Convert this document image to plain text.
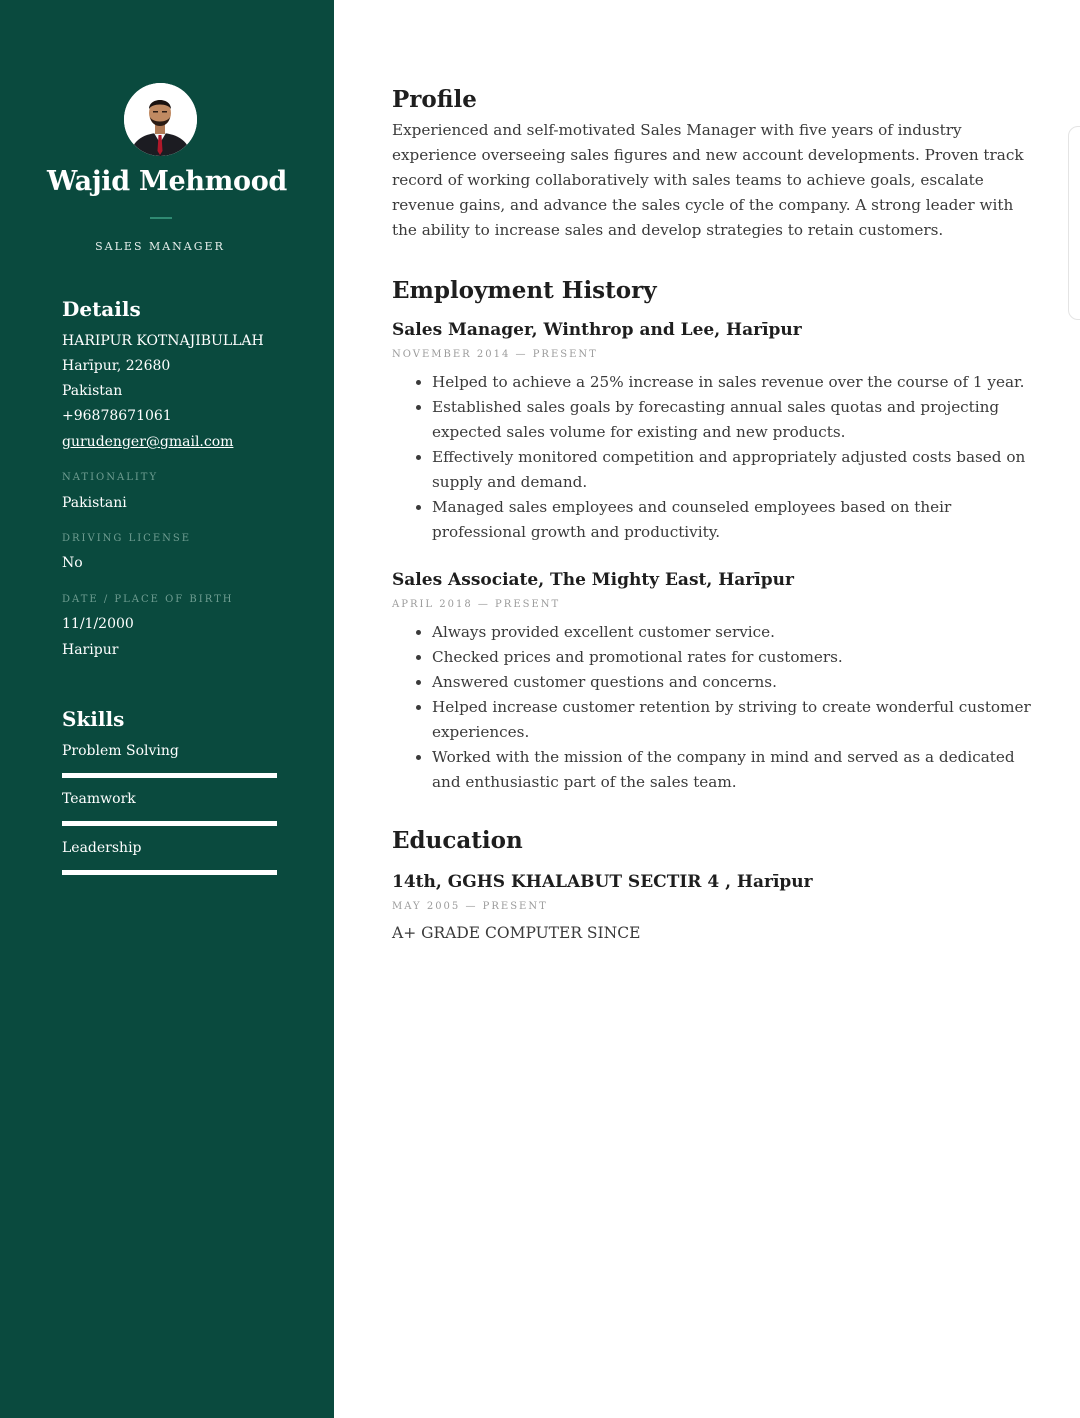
Wajid Mehmood
SALES MANAGER
Details
HARIPUR KOTNAJIBULLAH
Harīpur, 22680
Pakistan
+96878671061
gurudenger@gmail.com
NATIONALITY
Pakistani
DRIVING LICENSE
No
DATE / PLACE OF BIRTH
11/1/2000
Haripur
Skills
Problem Solving
Teamwork
Leadership
Profile
Experienced and self-motivated Sales Manager with five years of industry experience overseeing sales figures and new account developments. Proven track record of working collaboratively with sales teams to achieve goals, escalate revenue gains, and advance the sales cycle of the company. A strong leader with the ability to increase sales and develop strategies to retain customers.
Employment History
Sales Manager, Winthrop and Lee, Harīpur
NOVEMBER 2014 — PRESENT
• Helped to achieve a 25% increase in sales revenue over the course of 1 year.
• Established sales goals by forecasting annual sales quotas and projecting expected sales volume for existing and new products.
• Effectively monitored competition and appropriately adjusted costs based on supply and demand.
• Managed sales employees and counseled employees based on their professional growth and productivity.
Sales Associate, The Mighty East, Harīpur
APRIL 2018 — PRESENT
• Always provided excellent customer service.
• Checked prices and promotional rates for customers.
• Answered customer questions and concerns.
• Helped increase customer retention by striving to create wonderful customer experiences.
• Worked with the mission of the company in mind and served as a dedicated and enthusiastic part of the sales team.
Education
14th, GGHS KHALABUT SECTIR 4 , Harīpur
MAY 2005 — PRESENT
A+ GRADE COMPUTER SINCE
